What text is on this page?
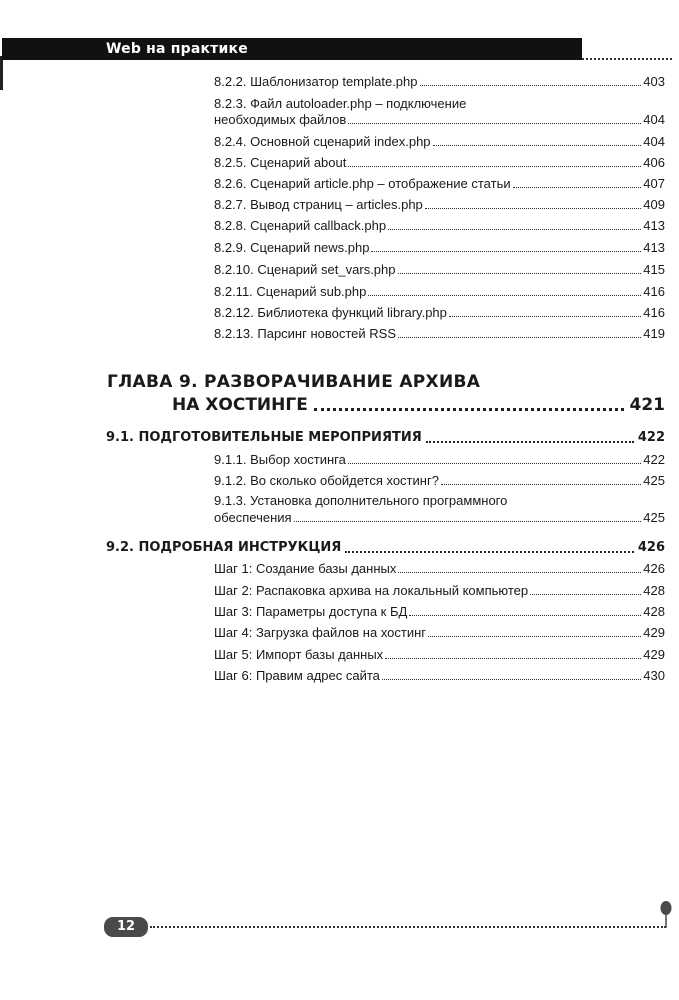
Web на практике
8.2.2. Шаблонизатор template.php	403
8.2.3. Файл autoloader.php – подключение
необходимых файлов	404
8.2.4. Основной сценарий index.php	404
8.2.5. Сценарий about	406
8.2.6. Сценарий article.php – отображение статьи	407
8.2.7. Вывод страниц – articles.php	409
8.2.8. Сценарий callback.php	413
8.2.9. Сценарий news.php	413
8.2.10. Сценарий set_vars.php	415
8.2.11. Сценарий sub.php	416
8.2.12. Библиотека функций library.php	416
8.2.13. Парсинг новостей RSS	419
ГЛАВА 9. РАЗВОРАЧИВАНИЕ АРХИВА
НА ХОСТИНГЕ	421
9.1. ПОДГОТОВИТЕЛЬНЫЕ МЕРОПРИЯТИЯ	422
9.1.1. Выбор хостинга	422
9.1.2. Во сколько обойдется хостинг?	425
9.1.3. Установка дополнительного программного
обеспечения	425
9.2. ПОДРОБНАЯ ИНСТРУКЦИЯ	426
Шаг 1: Создание базы данных	426
Шаг 2: Распаковка архива на локальный компьютер	428
Шаг 3: Параметры доступа к БД	428
Шаг 4: Загрузка файлов на хостинг	429
Шаг 5: Импорт базы данных	429
Шаг 6: Правим адрес сайта	430
12
